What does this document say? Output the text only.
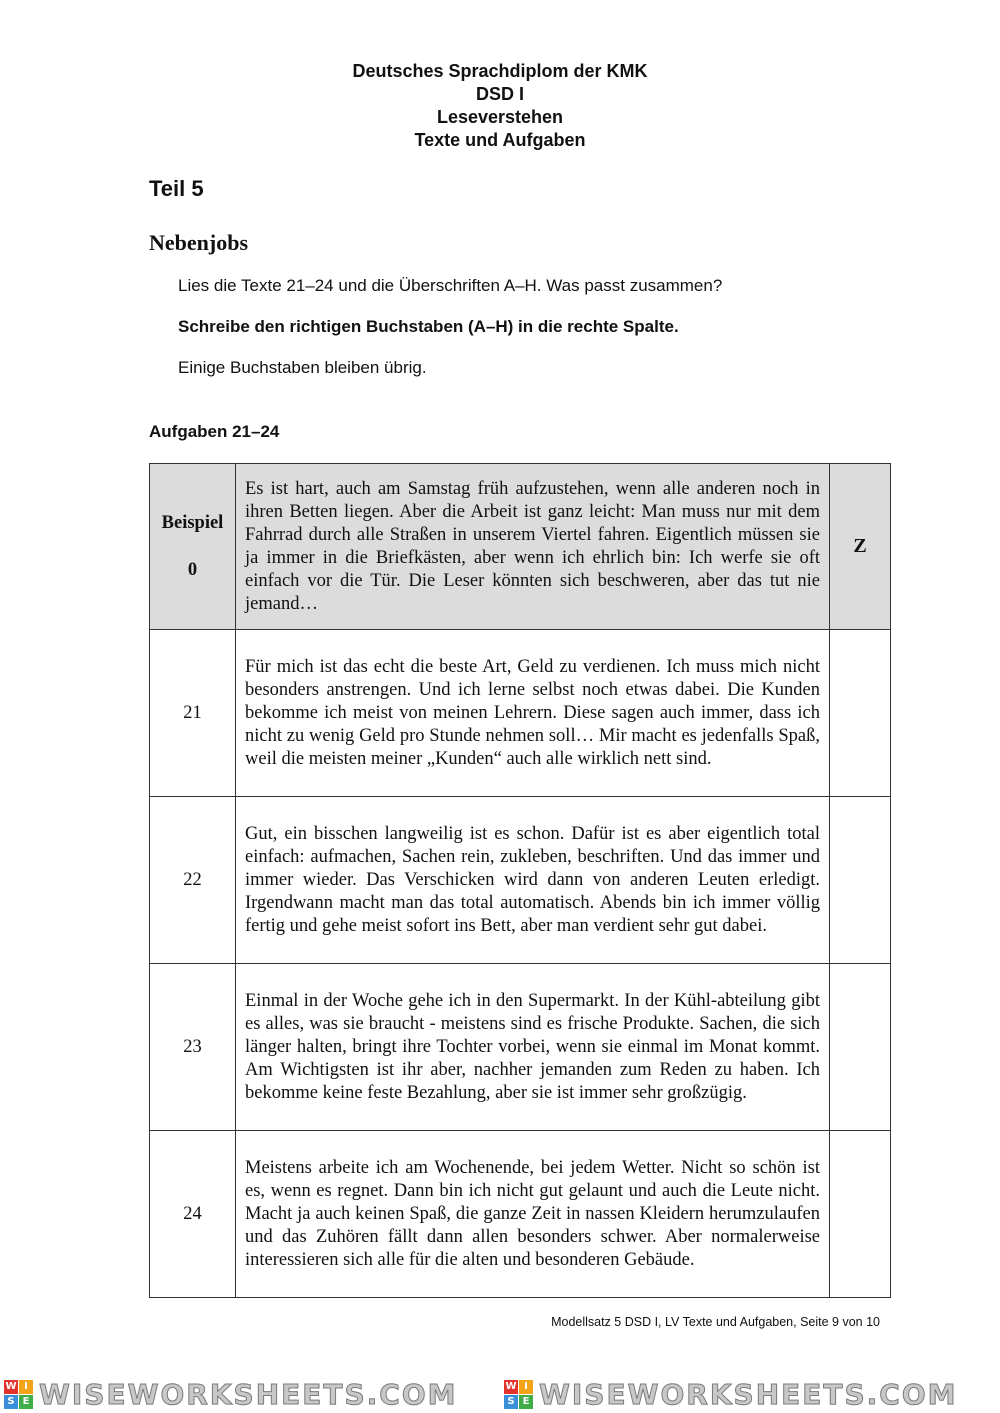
Deutsches Sprachdiplom der KMK
DSD I
Leseverstehen
Texte und Aufgaben
Teil 5
Nebenjobs
Lies die Texte 21–24 und die Überschriften A–H. Was passt zusammen?
Schreibe den richtigen Buchstaben (A–H) in die rechte Spalte.
Einige Buchstaben bleiben übrig.
Aufgaben 21–24
Beispiel
0	Es ist hart, auch am Samstag früh aufzustehen, wenn alle anderen noch in ihren Betten liegen. Aber die Arbeit ist ganz leicht: Man muss nur mit dem Fahrrad durch alle Straßen in unserem Viertel fahren. Eigentlich müssen sie ja immer in die Briefkästen, aber wenn ich ehrlich bin: Ich werfe sie oft einfach vor die Tür. Die Leser könnten sich beschweren, aber das tut nie jemand…	Z
21	Für mich ist das echt die beste Art, Geld zu verdienen. Ich muss mich nicht besonders anstrengen. Und ich lerne selbst noch etwas dabei. Die Kunden bekomme ich meist von meinen Lehrern. Diese sagen auch immer, dass ich nicht zu wenig Geld pro Stunde nehmen soll… Mir macht es jedenfalls Spaß, weil die meisten meiner „Kunden“ auch alle wirklich nett sind.	
22	Gut, ein bisschen langweilig ist es schon. Dafür ist es aber eigentlich total einfach: aufmachen, Sachen rein, zukleben, beschriften. Und das immer und immer wieder. Das Verschicken wird dann von anderen Leuten erledigt. Irgendwann macht man das total automatisch. Abends bin ich immer völlig fertig und gehe meist sofort ins Bett, aber man verdient sehr gut dabei.	
23	Einmal in der Woche gehe ich in den Supermarkt. In der Kühl-abteilung gibt es alles, was sie braucht - meistens sind es frische Produkte. Sachen, die sich länger halten, bringt ihre Tochter vorbei, wenn sie einmal im Monat kommt. Am Wichtigsten ist ihr aber, nachher jemanden zum Reden zu haben. Ich bekomme keine feste Bezahlung, aber sie ist immer sehr großzügig.	
24	Meistens arbeite ich am Wochenende, bei jedem Wetter. Nicht so schön ist es, wenn es regnet. Dann bin ich nicht gut gelaunt und auch die Leute nicht. Macht ja auch keinen Spaß, die ganze Zeit in nassen Kleidern herumzulaufen und das Zuhören fällt dann allen besonders schwer. Aber normalerweise interessieren sich alle für die alten und besonderen Gebäude.	
Modellsatz 5 DSD I, LV Texte und Aufgaben, Seite 9 von 10
W I
S E WISEWORKSHEETS.COM	W I
S E WISEWORKSHEETS.COM
